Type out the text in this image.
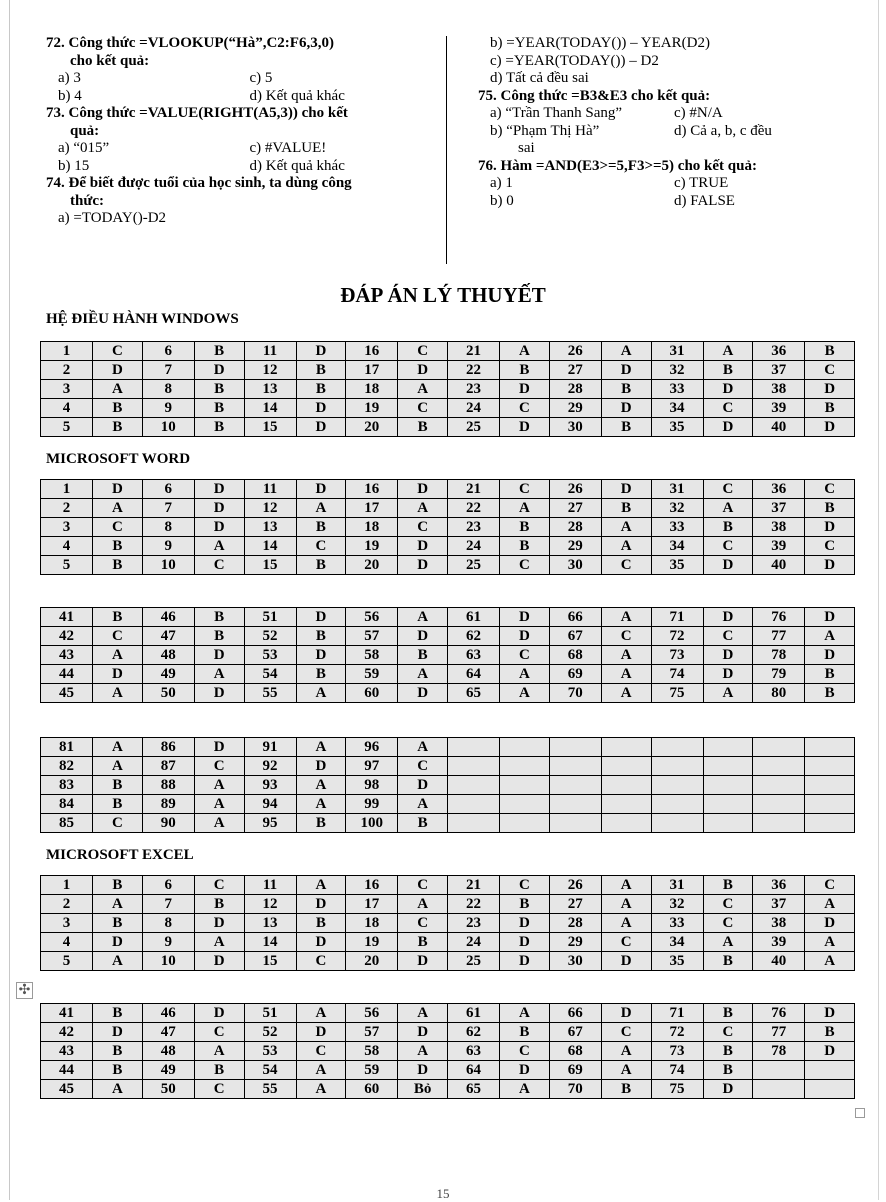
72. Công thức =VLOOKUP(“Hà”,C2:F6,3,0)
cho kết quả:
a) 3	c) 5
b) 4	d) Kết quả khác
73. Công thức =VALUE(RIGHT(A5,3)) cho kết
quả:
a) “015”	c) #VALUE!
b) 15	d) Kết quả khác
74. Để biết được tuổi của học sinh, ta dùng công
thức:
a) =TODAY()-D2
b) =YEAR(TODAY()) – YEAR(D2)
c) =YEAR(TODAY()) – D2
d) Tất cả đều sai
75. Công thức =B3&E3 cho kết quả:
a) “Trần Thanh Sang”	c) #N/A
b) “Phạm Thị Hà”	d) Cả a, b, c đều
sai
76. Hàm =AND(E3>=5,F3>=5) cho kết quả:
a) 1	c) TRUE
b) 0	d) FALSE
ĐÁP ÁN LÝ THUYẾT
HỆ ĐIỀU HÀNH WINDOWS
MICROSOFT WORD
MICROSOFT EXCEL
1	C	6	B	11	D	16	C	21	A	26	A	31	A	36	B
2	D	7	D	12	B	17	D	22	B	27	D	32	B	37	C
3	A	8	B	13	B	18	A	23	D	28	B	33	D	38	D
4	B	9	B	14	D	19	C	24	C	29	D	34	C	39	B
5	B	10	B	15	D	20	B	25	D	30	B	35	D	40	D
1	D	6	D	11	D	16	D	21	C	26	D	31	C	36	C
2	A	7	D	12	A	17	A	22	A	27	B	32	A	37	B
3	C	8	D	13	B	18	C	23	B	28	A	33	B	38	D
4	B	9	A	14	C	19	D	24	B	29	A	34	C	39	C
5	B	10	C	15	B	20	D	25	C	30	C	35	D	40	D
41	B	46	B	51	D	56	A	61	D	66	A	71	D	76	D
42	C	47	B	52	B	57	D	62	D	67	C	72	C	77	A
43	A	48	D	53	D	58	B	63	C	68	A	73	D	78	D
44	D	49	A	54	B	59	A	64	A	69	A	74	D	79	B
45	A	50	D	55	A	60	D	65	A	70	A	75	A	80	B
81	A	86	D	91	A	96	A								
82	A	87	C	92	D	97	C								
83	B	88	A	93	A	98	D								
84	B	89	A	94	A	99	A								
85	C	90	A	95	B	100	B								
1	B	6	C	11	A	16	C	21	C	26	A	31	B	36	C
2	A	7	B	12	D	17	A	22	B	27	A	32	C	37	A
3	B	8	D	13	B	18	C	23	D	28	A	33	C	38	D
4	D	9	A	14	D	19	B	24	D	29	C	34	A	39	A
5	A	10	D	15	C	20	D	25	D	30	D	35	B	40	A
41	B	46	D	51	A	56	A	61	A	66	D	71	B	76	D
42	D	47	C	52	D	57	D	62	B	67	C	72	C	77	B
43	B	48	A	53	C	58	A	63	C	68	A	73	B	78	D
44	B	49	B	54	A	59	D	64	D	69	A	74	B		
45	A	50	C	55	A	60	Bỏ	65	A	70	B	75	D		
✣
15
